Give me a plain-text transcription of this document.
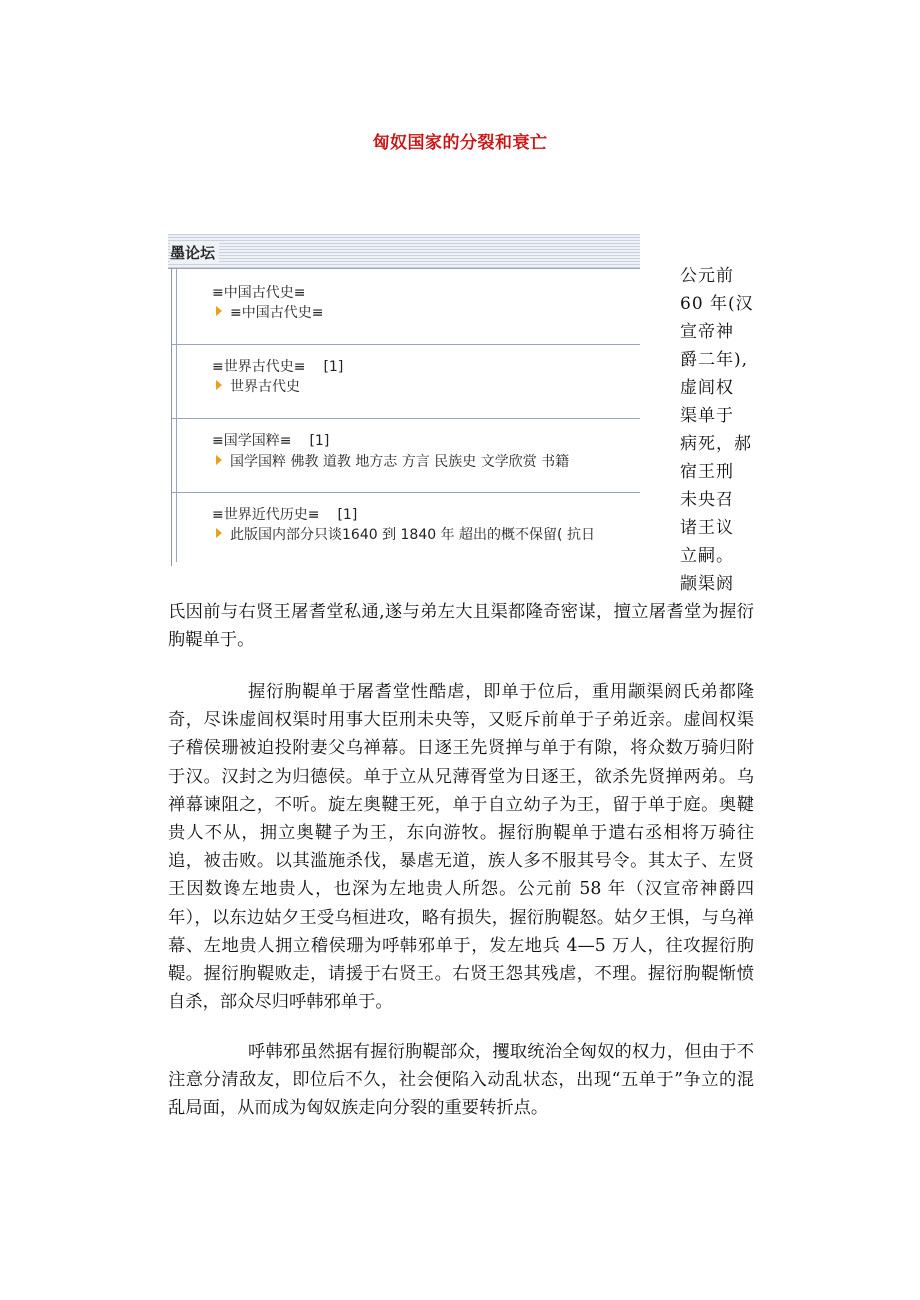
匈奴国家的分裂和衰亡
墨论坛
≡中国古代史≡
≡中国古代史≡
≡世界古代史≡ [1]
世界古代史
≡国学国粹≡ [1]
国学国粹 佛教 道教 地方志 方言 民族史 文学欣赏 书籍
≡世界近代历史≡ [1]
此版国内部分只谈1640 到 1840 年 超出的概不保留( 抗日
公元前
60 年(汉
宣帝神
爵二年),
虚闾权
渠单于
病死，郝
宿王刑
未央召
诸王议
立嗣。
颛渠阏
氏因前与右贤王屠耆堂私通,遂与弟左大且渠都隆奇密谋，擅立屠耆堂为握衍朐鞮单于。
握衍朐鞮单于屠耆堂性酷虐，即单于位后，重用颛渠阏氏弟都隆奇，尽诛虚闾权渠时用事大臣刑未央等，又贬斥前单于子弟近亲。虚闾权渠子稽侯珊被迫投附妻父乌禅幕。日逐王先贤掸与单于有隙，将众数万骑归附于汉。汉封之为归德侯。单于立从兄薄胥堂为日逐王，欲杀先贤掸两弟。乌禅幕谏阻之，不听。旋左奥鞬王死，单于自立幼子为王，留于单于庭。奥鞬贵人不从，拥立奥鞬子为王，东向游牧。握衍朐鞮单于遣右丞相将万骑往追，被击败。以其滥施杀伐，暴虐无道，族人多不服其号令。其太子、左贤王因数谗左地贵人，也深为左地贵人所怨。公元前 58 年（汉宣帝神爵四年），以东边姑夕王受乌桓进攻，略有损失，握衍朐鞮怒。姑夕王惧，与乌禅幕、左地贵人拥立稽侯珊为呼韩邪单于，发左地兵 4—5 万人，往攻握衍朐鞮。握衍朐鞮败走，请援于右贤王。右贤王怨其残虐，不理。握衍朐鞮惭愤自杀，部众尽归呼韩邪单于。
呼韩邪虽然据有握衍朐鞮部众，攫取统治全匈奴的权力，但由于不注意分清敌友，即位后不久，社会便陷入动乱状态，出现“五单于”争立的混乱局面，从而成为匈奴族走向分裂的重要转折点。
